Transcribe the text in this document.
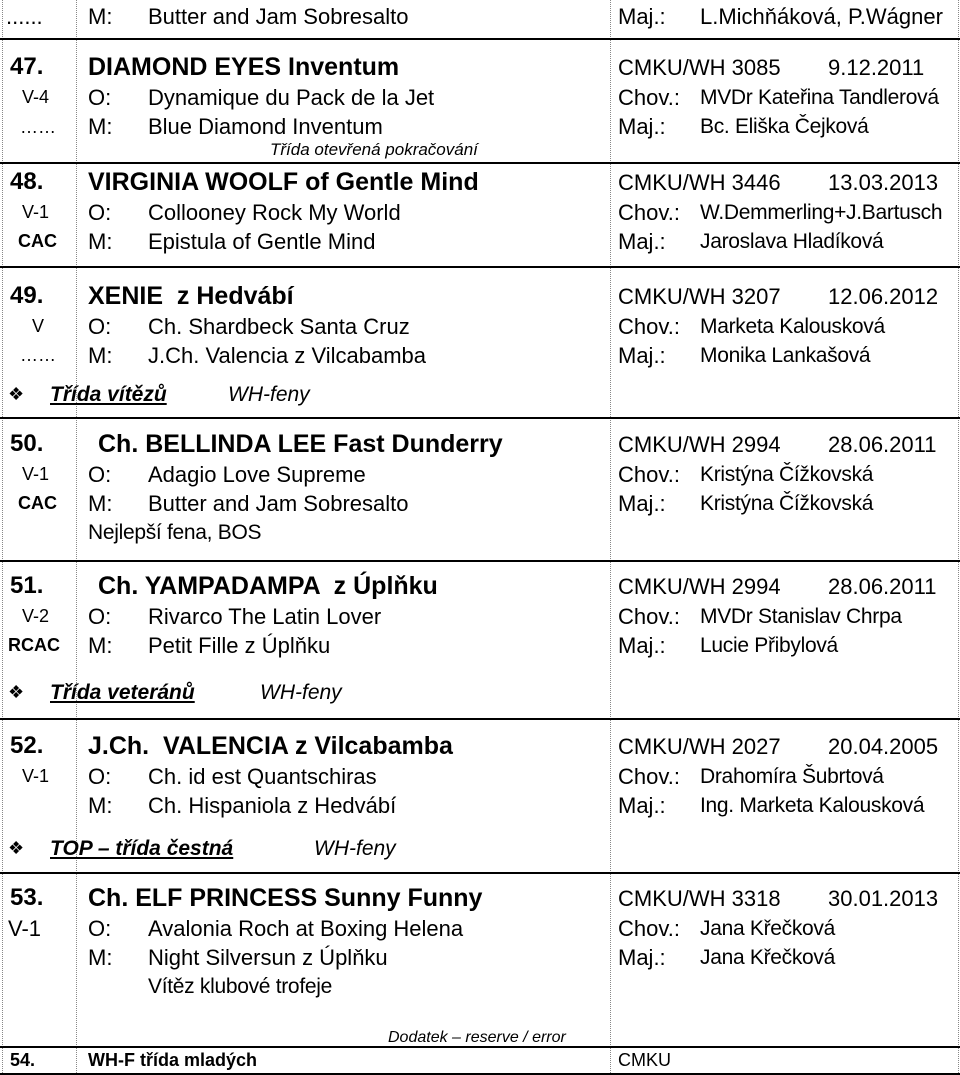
...... M: Butter and Jam Sobresalto	Maj.: L.Michňáková, P.Wágner
47. DIAMOND EYES Inventum	CMKU/WH 3085 9.12.2011
V-4 O: Dynamique du Pack de la Jet	Chov.: MVDr Kateřina Tandlerová
…… M: Blue Diamond Inventum	Maj.: Bc. Eliška Čejková
Třída otevřená pokračování
48. VIRGINIA WOOLF of Gentle Mind	CMKU/WH 3446 13.03.2013
V-1 O: Collooney Rock My World	Chov.: W.Demmerling+J.Bartusch
CAC M: Epistula of Gentle Mind	Maj.: Jaroslava Hladíková
49. XENIE  z Hedvábí	CMKU/WH 3207 12.06.2012
V O: Ch. Shardbeck Santa Cruz	Chov.: Marketa Kalousková
…… M: J.Ch. Valencia z Vilcabamba	Maj.: Monika Lankašová
❖ Třída vítězů	WH-feny
50. Ch. BELLINDA LEE Fast Dunderry	CMKU/WH 2994 28.06.2011
V-1 O: Adagio Love Supreme	Chov.: Kristýna Čížkovská
CAC M: Butter and Jam Sobresalto	Maj.: Kristýna Čížkovská
Nejlepší fena, BOS
51. Ch. YAMPADAMPA  z Úplňku	CMKU/WH 2994 28.06.2011
V-2 O: Rivarco The Latin Lover	Chov.: MVDr Stanislav Chrpa
RCAC M: Petit Fille z Úplňku	Maj.: Lucie Přibylová
❖ Třída veteránů	WH-feny
.
52. J.Ch.  VALENCIA z Vilcabamba	CMKU/WH 2027 20.04.2005
V-1 O: Ch. id est Quantschiras	Chov.: Drahomíra Šubrtová
M: Ch. Hispaniola z Hedvábí	Maj.: Ing. Marketa Kalousková
❖ TOP – třída čestná	WH-feny
53. Ch. ELF PRINCESS Sunny Funny	CMKU/WH 3318 30.01.2013
V-1 O: Avalonia Roch at Boxing Helena	Chov.: Jana Křečková
M: Night Silversun z Úplňku	Maj.: Jana Křečková
Vítěz klubové trofeje
Dodatek – reserve / error
54.	WH-F třída mladých	CMKU
